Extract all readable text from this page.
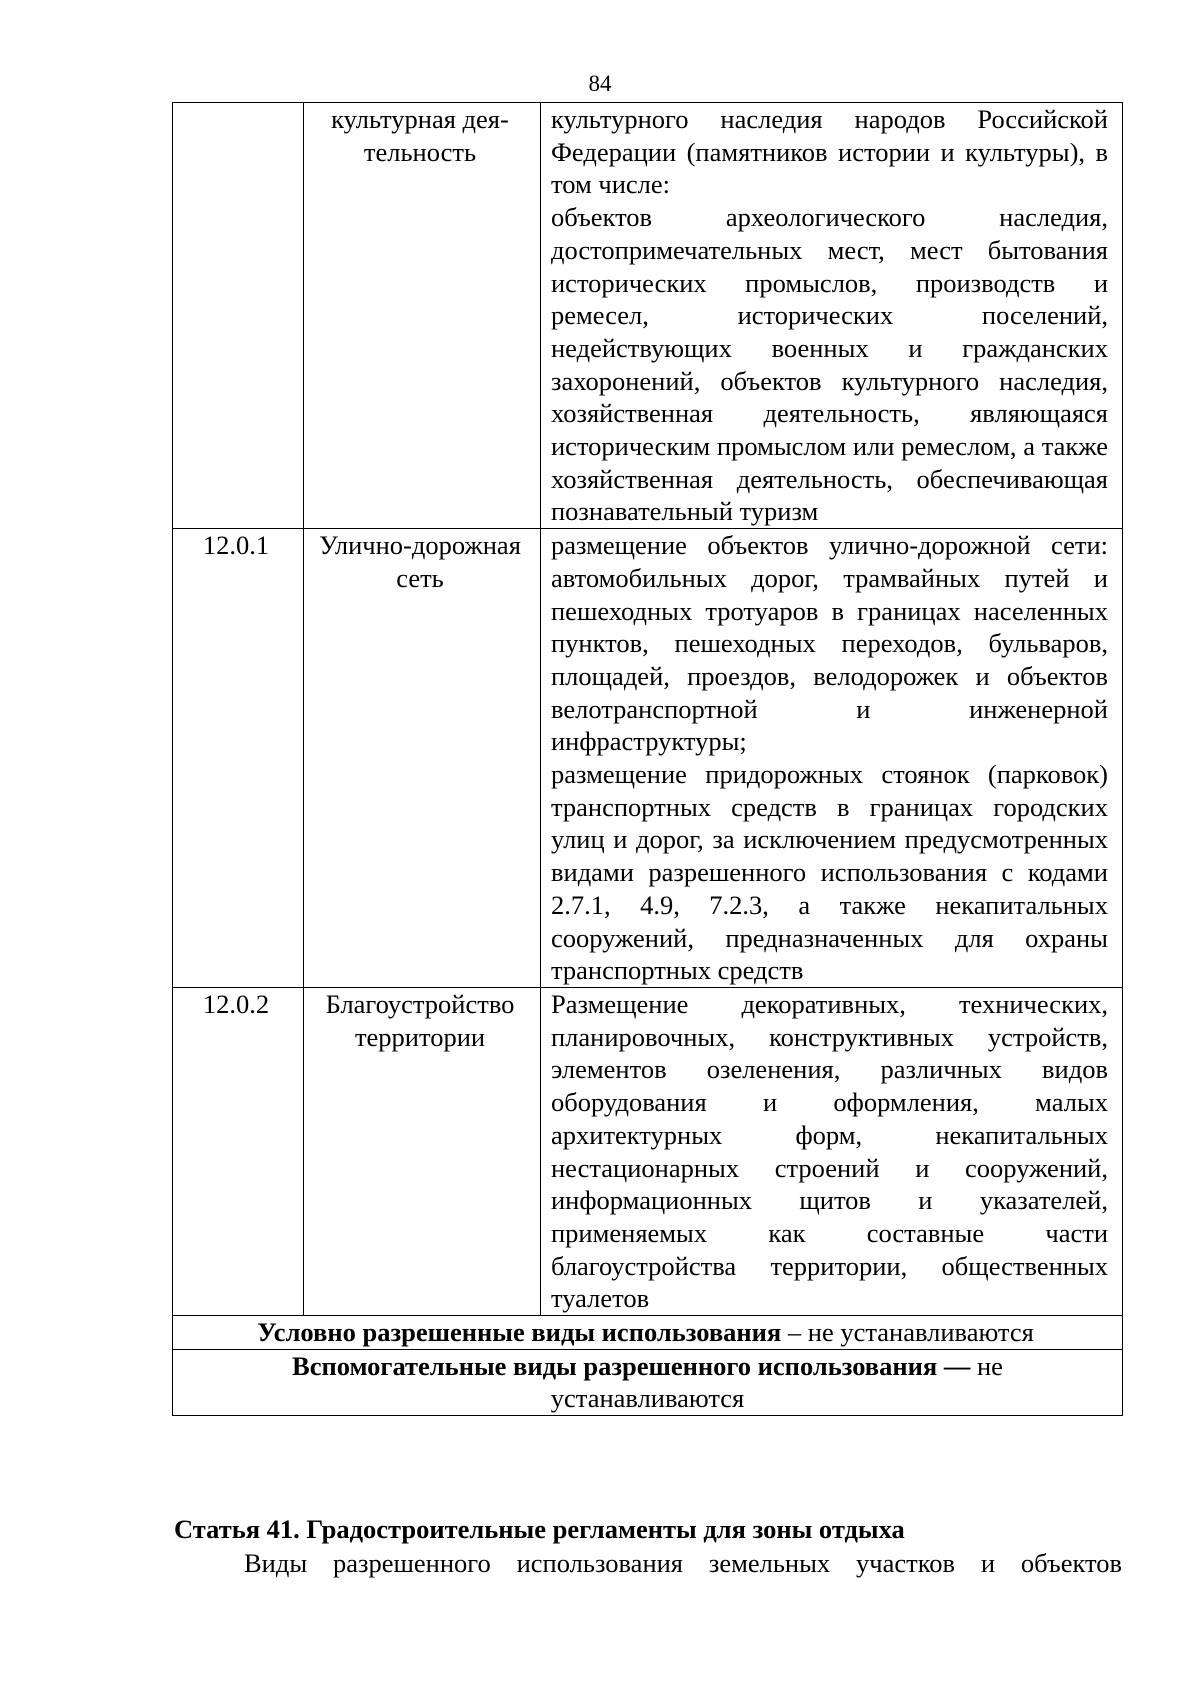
84
	культурная дея-тельность	культурного наследия народов Российской Федерации (памятников истории и культуры), в том числе:

объектов археологического наследия, достопримечательных мест, мест бытования исторических промыслов, производств и ремесел, исторических поселений, недействующих военных и гражданских захоронений, объектов культурного наследия, хозяйственная деятельность, являющаяся историческим промыслом или ремеслом, а также хозяйственная деятельность, обеспечивающая познавательный туризм

12.0.1	Улично-дорожная сеть	размещение объектов улично-дорожной сети: автомобильных дорог, трамвайных путей и пешеходных тротуаров в границах населенных пунктов, пешеходных переходов, бульваров, площадей, проездов, велодорожек и объектов велотранспортной и инженерной инфраструктуры;

размещение придорожных стоянок (парковок) транспортных средств в границах городских улиц и дорог, за исключением предусмотренных видами разрешенного использования с кодами 2.7.1, 4.9, 7.2.3, а также некапитальных сооружений, предназначенных для охраны транспортных средств

12.0.2	Благоустройство территории	Размещение декоративных, технических, планировочных, конструктивных устройств, элементов озеленения, различных видов оборудования и оформления, малых архитектурных форм, некапитальных нестационарных строений и сооружений, информационных щитов и указателей, применяемых как составные части благоустройства территории, общественных туалетов

Условно разрешенные виды использования – не устанавливаются		
Вспомогательные виды разрешенного использования — не устанавливаются		
Статья 41. Градостроительные регламенты для зоны отдыха
Виды разрешенного использования земельных участков и объектов
